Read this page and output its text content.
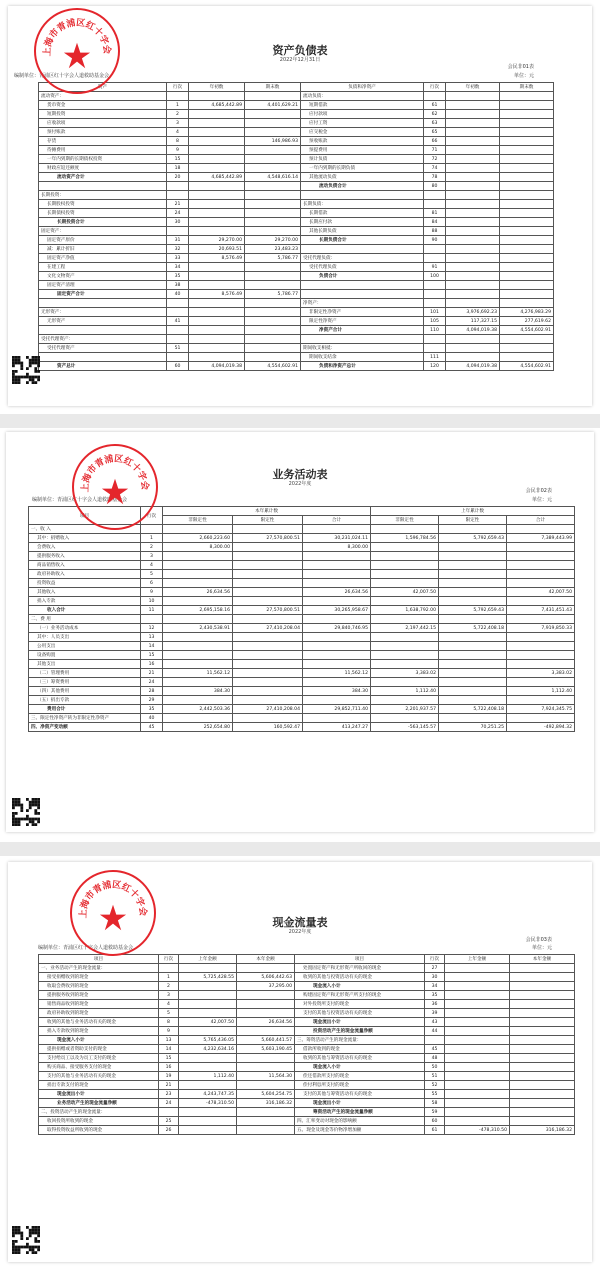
资产负债表
2022年12月31日
会民非01表
编制单位：青浦区红十字会人道救助基金会	单位：元
资产	行次	年初数	期末数	负债和净资产	行次	年初数	期末数
流动资产：				流动负债：			
货币资金	1	4,685,442.89	4,401,629.21	短期借款	61		
短期投资	2			应付款项	62		
应收款项	3			应付工资	63		
预付账款	4			应交税金	65		
存货	8		146,986.93	预收账款	66		
待摊费用	9			预提费用	71		
一年内到期的长期债权投资	15			预计负债	72		
财政应返还额度	18			一年内到期的长期负债	74		
流动资产合计	20	4,685,442.89	4,548,616.14	其他流动负债	78		
				流动负债合计	80		
长期投资：							
长期股权投资	21			长期负债：			
长期债权投资	24			长期借款	81		
长期投资合计	30			长期应付款	84		
固定资产：				其他长期负债	88		
固定资产原价	31	29,270.00	29,270.00	长期负债合计	90		
减：累计折旧	32	20,693.51	23,483.23				
固定资产净值	33	8,576.49	5,786.77	受托代理负债：			
在建工程	34			受托代理负债	91		
文化文物资产	35			负债合计	100		
固定资产清理	38						
固定资产合计	40	8,576.49	5,786.77				
				净资产：			
无形资产：				非限定性净资产	101	3,976,692.23	4,276,983.29
无形资产	41			限定性净资产	105	117,327.15	277,619.62
				净资产合计	110	4,094,019.38	4,554,602.91
受托代理资产：							
受托代理资产	51			期间收支相抵：			
				期间收支结余	111		
资产总计	60	4,094,019.38	4,554,602.91	负债和净资产总计	120	4,094,019.38	4,554,602.91
上海市青浦区红十字会
业务活动表
2022年度
会民非02表
编制单位：青浦区红十字会人道救助基金会	单位：元
项目	行次	本年累计数			上年累计数		
		非限定性	限定性	合计	非限定性	限定性	合计
一、收 入							
其中：捐赠收入	1	2,660,223.60	27,570,800.51	30,231,024.11	1,596,784.56	5,792,659.43	7,389,443.99
会费收入	2	8,300.00		8,300.00			
提供服务收入	3						
商品销售收入	4						
政府补助收入	5						
投资收益	6						
其他收入	9	26,634.56		26,634.56	42,007.50		42,007.50
捐入专款	10						
收入合计	11	2,695,158.16	27,570,800.51	30,265,958.67	1,638,792.00	5,792,659.43	7,431,451.43
二、费 用							
（一）业务活动成本	12	2,430,538.91	27,410,208.04	29,840,746.95	2,197,442.15	5,722,408.18	7,919,850.33
其中：人员支出	13						
公用支出	14						
设备购置	15						
其他支出	16						
（二）管理费用	21	11,562.12		11,562.12	3,383.02		3,383.02
（三）筹资费用	24						
（四）其他费用	28	384.30		384.30	1,112.40		1,112.40
（五）捐出专款	29						
费用合计	35	2,442,503.36	27,410,208.04	29,852,711.40	2,201,937.57	5,722,408.18	7,924,345.75
三、限定性净资产转为非限定性净资产	40						
四、净资产变动额	45	252,654.80	160,592.47	413,247.27	-563,145.57	70,251.25	-492,894.32
上海市青浦区红十字会
现金流量表
2022年度
会民非03表
编制单位：青浦区红十字会人道救助基金会	单位：元
项目	行次	上年金额	本年金额	项目	行次	上年金额	本年金额
一、业务活动产生的现金流量：				处置固定资产和无形资产所收回的现金	27		
接受捐赠收到的现金	1	5,725,428.55	5,606,442.63	收到的其他与投资活动有关的现金	30		
收取会费收到的现金	2		37,295.00	现金流入小计	34		
提供服务收到的现金	3			购建固定资产和无形资产所支付的现金	35		
销售商品收到的现金	4			对外投资所支付的现金	36		
政府补助收到的现金	5			支付的其他与投资活动有关的现金	39		
收到的其他与业务活动有关的现金	8	42,007.50	26,634.56	现金流出小计	43		
捐入专款收到的现金	9			投资活动产生的现金流量净额	44		
现金流入小计	13	5,765,436.05	5,660,441.57	三、筹资活动产生的现金流量：			
提供捐赠或者资助支付的现金	14	4,232,634.16	5,603,190.45	借款所收到的现金	45		
支付给员工以及为员工支付的现金	15			收到的其他与筹资活动有关的现金	48		
购买商品、接受服务支付的现金	16			现金流入小计	50		
支付的其他与业务活动有关的现金	19	1,112.40	11,564.30	偿还借款所支付的现金	51		
捐出专款支付的现金	21			偿付利息所支付的现金	52		
现金流出小计	23	4,243,747.35	5,604,254.75	支付的其他与筹资活动有关的现金	55		
业务活动产生的现金流量净额	24	-478,310.50	316,186.32	现金流出小计	58		
二、投资活动产生的现金流量：				筹资活动产生的现金流量净额	59		
收回投资所收到的现金	25			四、汇率变动对现金的影响额	60		
取得投资收益所收到的现金	26			五、现金及现金等价物净增加额	61	-478,310.50	316,186.32
上海市青浦区红十字会
